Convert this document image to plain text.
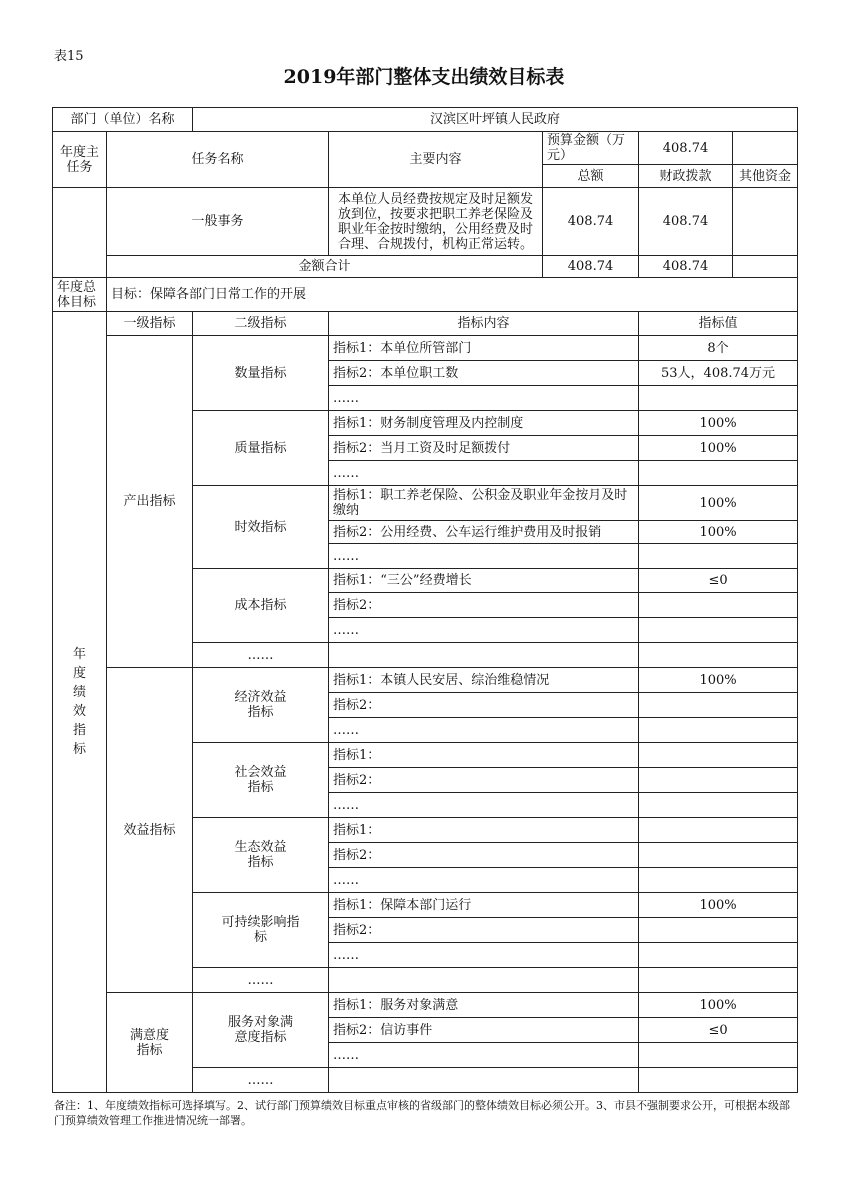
表15
2019年部门整体支出绩效目标表
部门（单位）名称		汉滨区叶坪镇人民政府				
年度主任务	任务名称		主要内容	预算金额（万元）	408.74	
				总额	财政拨款	其他资金
	一般事务		本单位人员经费按规定及时足额发放到位，按要求把职工养老保险及职业年金按时缴纳，公用经费及时合理、合规拨付，机构正常运转。	408.74	408.74	
	金额合计			408.74	408.74	
年度总体目标	目标：保障各部门日常工作的开展					
年度绩效指标	一级指标	二级指标	指标内容		指标值	
	产出指标	数量指标	指标1：本单位所管部门		8个	
			指标2：本单位职工数		53人，408.74万元	
			……			
		质量指标	指标1：财务制度管理及内控制度		100%	
			指标2：当月工资及时足额拨付		100%	
			……			
		时效指标	指标1：职工养老保险、公积金及职业年金按月及时缴纳		100%	
			指标2：公用经费、公车运行维护费用及时报销		100%	
			……			
		成本指标	指标1：“三公”经费增长		≤0	
			指标2：			
			……			
		……				
	效益指标	经济效益指标	指标1：本镇人民安居、综治维稳情况		100%	
			指标2：			
			……			
		社会效益指标	指标1：			
			指标2：			
			……			
		生态效益指标	指标1：			
			指标2：			
			……			
		可持续影响指标	指标1：保障本部门运行		100%	
			指标2：			
			……			
		……				
	满意度指标	服务对象满意度指标	指标1：服务对象满意		100%	
			指标2：信访事件		≤0	
			……			
		……				
备注：1、年度绩效指标可选择填写。2、试行部门预算绩效目标重点审核的省级部门的整体绩效目标必须公开。3、市县不强制要求公开，可根据本级部门预算绩效管理工作推进情况统一部署。
